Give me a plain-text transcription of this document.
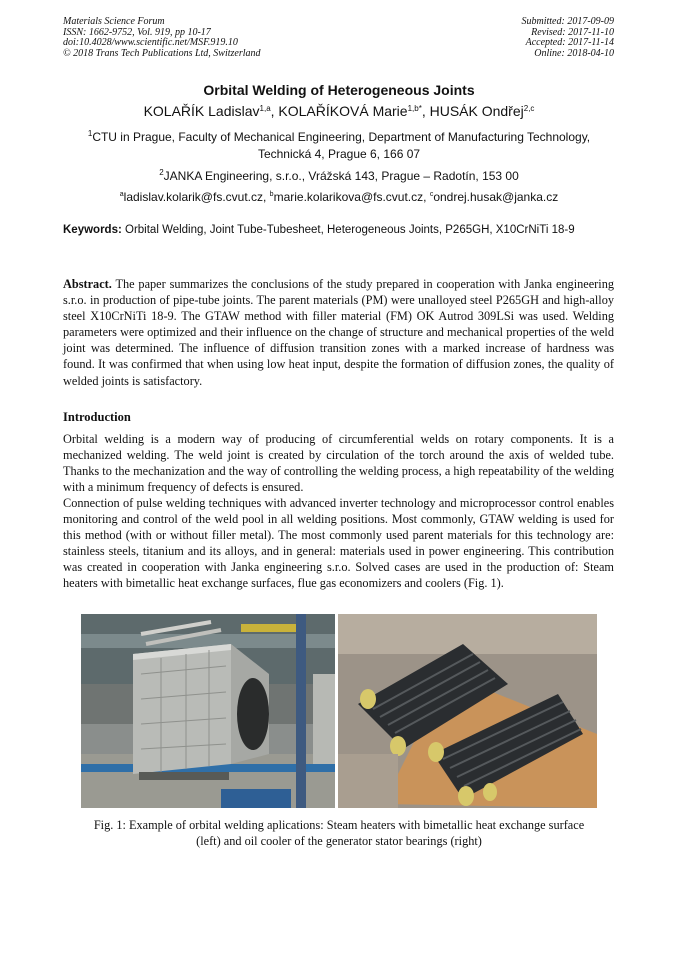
Materials Science Forum
ISSN: 1662-9752, Vol. 919, pp 10-17
doi:10.4028/www.scientific.net/MSF.919.10
© 2018 Trans Tech Publications Ltd, Switzerland
Submitted: 2017-09-09
Revised: 2017-11-10
Accepted: 2017-11-14
Online: 2018-04-10
Orbital Welding of Heterogeneous Joints
KOLAŘÍK Ladislav$^{1,a}$, KOLAŘÍKOVÁ Marie$^{1,b*}$, HUSÁK Ondřej$^{2,c}$
$^1$CTU in Prague, Faculty of Mechanical Engineering, Department of Manufacturing Technology,
Technická 4, Prague 6, 166 07
$^2$JANKA Engineering, s.r.o., Vrážská 143, Prague – Radotín, 153 00
$^a$ladislav.kolarik@fs.cvut.cz, $^b$marie.kolarikova@fs.cvut.cz, $^c$ondrej.husak@janka.cz
Keywords: Orbital Welding, Joint Tube-Tubesheet, Heterogeneous Joints, P265GH, X10CrNiTi 18-9
Abstract. The paper summarizes the conclusions of the study prepared in cooperation with Janka engineering s.r.o. in production of pipe-tube joints. The parent materials (PM) were unalloyed steel P265GH and high-alloy steel X10CrNiTi 18-9. The GTAW method with filler material (FM) OK Autrod 309LSi was used. Welding parameters were optimized and their influence on the change of structure and mechanical properties of the weld joint was determined. The influence of diffusion transition zones with a marked increase of hardness was found. It was confirmed that when using low heat input, despite the formation of diffusion zones, the quality of welded joints is satisfactory.
Introduction
Orbital welding is a modern way of producing of circumferential welds on rotary components. It is a mechanized welding. The weld joint is created by circulation of the torch around the axis of welded tube. Thanks to the mechanization and the way of controlling the welding process, a high repeatability of the welding with a minimum frequency of defects is ensured.
Connection of pulse welding techniques with advanced inverter technology and microprocessor control enables monitoring and control of the weld pool in all welding positions. Most commonly, GTAW welding is used for this method (with or without filler metal). The most commonly used parent materials for this technology are: stainless steels, titanium and its alloys, and in general: materials used in power engineering. This contribution was created in cooperation with Janka engineering s.r.o. Solved cases are used in the production of: Steam heaters with bimetallic heat exchange surfaces, flue gas economizers and coolers (Fig. 1).
Fig. 1: Example of orbital welding aplications: Steam heaters with bimetallic heat exchange surface
(left) and oil cooler of the generator stator bearings (right)
